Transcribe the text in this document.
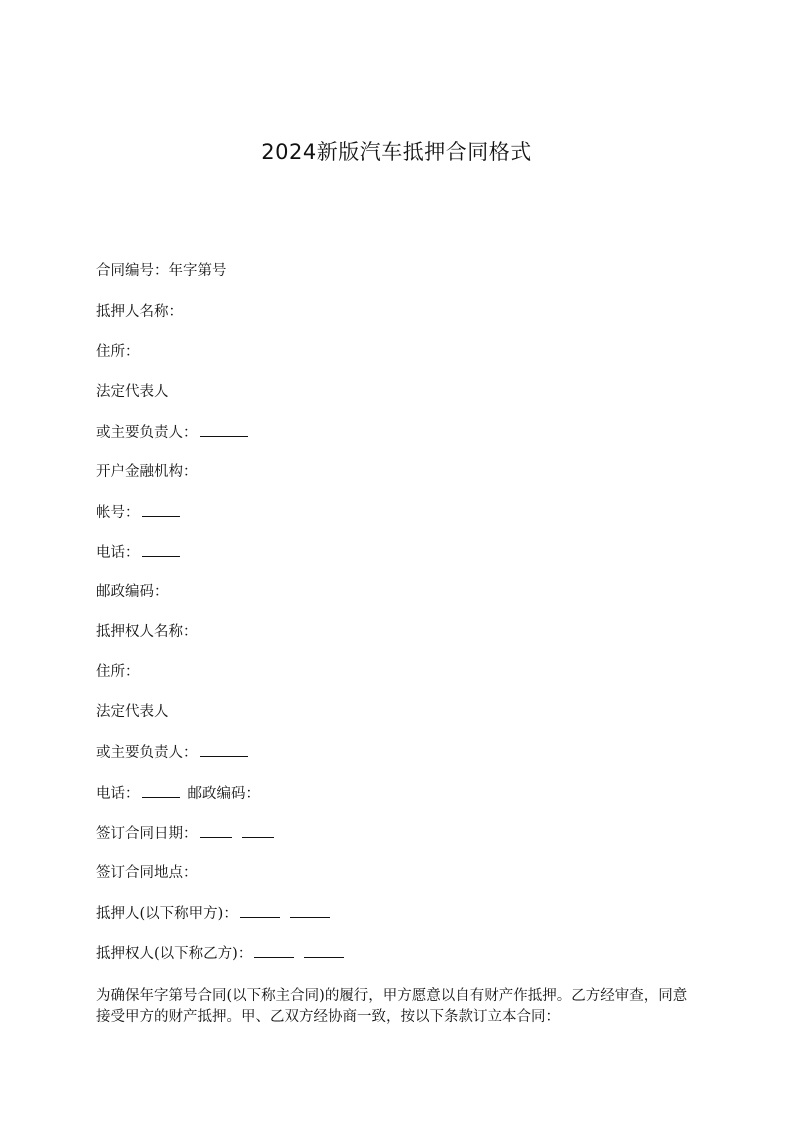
2024新版汽车抵押合同格式
合同编号：年字第号
抵押人名称：
住所：
法定代表人
或主要负责人：
开户金融机构：
帐号：
电话：
邮政编码：
抵押权人名称：
住所：
法定代表人
或主要负责人：
电话：	邮政编码：
签订合同日期：
签订合同地点：
抵押人(以下称甲方)：
抵押权人(以下称乙方)：
为确保年字第号合同(以下称主合同)的履行，甲方愿意以自有财产作抵押。乙方经审查，同意接受甲方的财产抵押。甲、乙双方经协商一致，按以下条款订立本合同：
